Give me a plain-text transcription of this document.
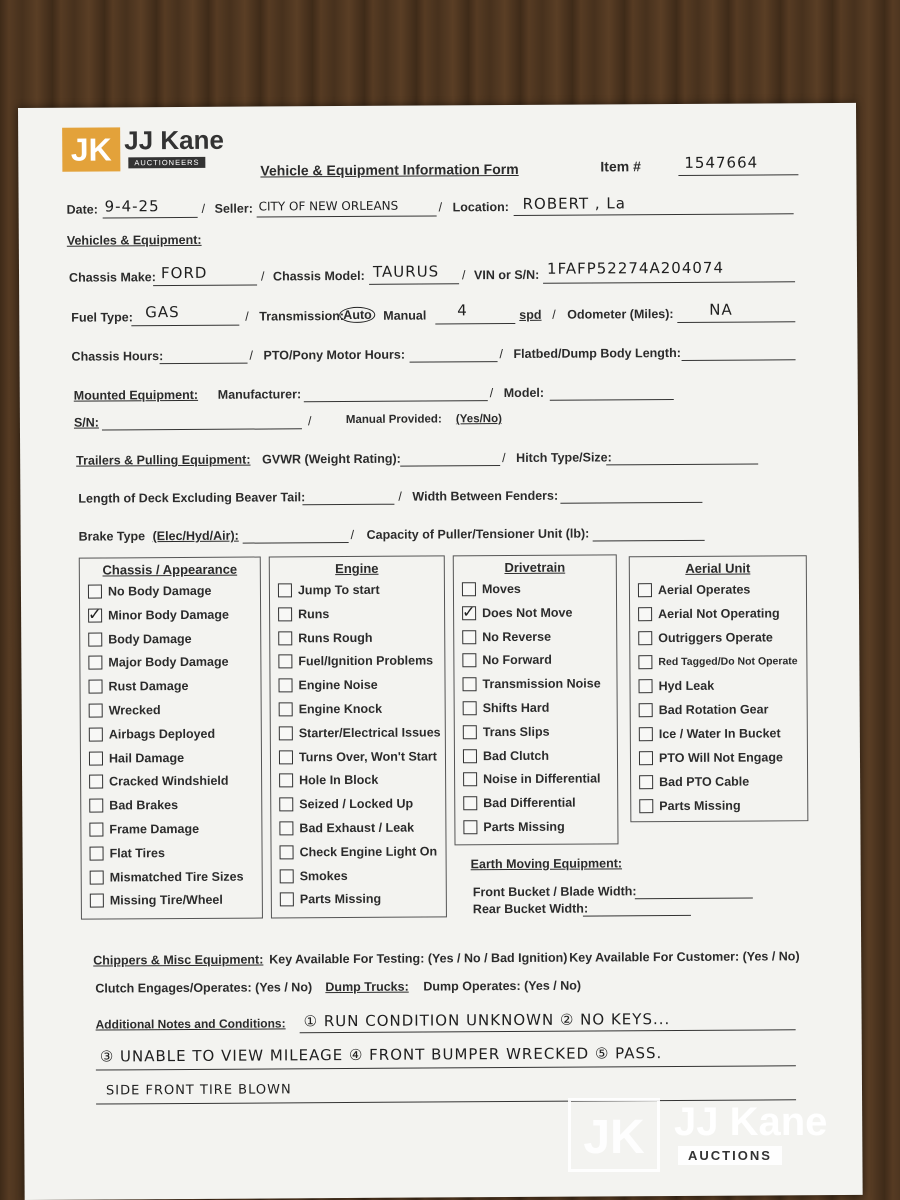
JK JJ Kane
AUCTIONEERS	Vehicle & Equipment Information Form	Item #	1547664
Date: 9-4-25	/ Seller: CITY OF NEW ORLEANS	/ Location: ROBERT , La
Vehicles & Equipment:
Chassis Make: FORD	/ Chassis Model: TAURUS / VIN or S/N: 1FAFP52274A204074
Fuel Type: GAS	/ Transmission: Auto Manual 4	spd / Odometer (Miles): NA
Chassis Hours:	/ PTO/Pony Motor Hours:	/ Flatbed/Dump Body Length:
Mounted Equipment: Manufacturer:	/ Model:
S/N:	/	Manual Provided: (Yes/No)
Trailers & Pulling Equipment: GVWR (Weight Rating):	/ Hitch Type/Size:
Length of Deck Excluding Beaver Tail:	/ Width Between Fenders:
Brake Type (Elec/Hyd/Air):	/ Capacity of Puller/Tensioner Unit (lb):
Chassis / Appearance
No Body Damage
✓
Minor Body Damage
Body Damage
Major Body Damage
Rust Damage
Wrecked
Airbags Deployed
Hail Damage
Cracked Windshield
Bad Brakes
Frame Damage
Flat Tires
Mismatched Tire Sizes
Missing Tire/Wheel
Engine
Jump To start
Runs
Runs Rough
Fuel/Ignition Problems
Engine Noise
Engine Knock
Starter/Electrical Issues
Turns Over, Won't Start
Hole In Block
Seized / Locked Up
Bad Exhaust / Leak
Check Engine Light On
Smokes
Parts Missing
Drivetrain
Moves
✓
Does Not Move
No Reverse
No Forward
Transmission Noise
Shifts Hard
Trans Slips
Bad Clutch
Noise in Differential
Bad Differential
Parts Missing
Aerial Unit
Aerial Operates
Aerial Not Operating
Outriggers Operate
Red Tagged/Do Not Operate
Hyd Leak
Bad Rotation Gear
Ice / Water In Bucket
PTO Will Not Engage
Bad PTO Cable
Parts Missing
Earth Moving Equipment:
Front Bucket / Blade Width:
Rear Bucket Width:
Chippers & Misc Equipment: Key Available For Testing: (Yes / No / Bad Ignition) Key Available For Customer: (Yes / No)
Clutch Engages/Operates: (Yes / No) Dump Trucks: Dump Operates: (Yes / No)
Additional Notes and Conditions: ① RUN CONDITION UNKNOWN ② NO KEYS...
③ UNABLE TO VIEW MILEAGE ④ FRONT BUMPER WRECKED ⑤ PASS.
SIDE FRONT TIRE BLOWN
JK JJ Kane
AUCTIONS
